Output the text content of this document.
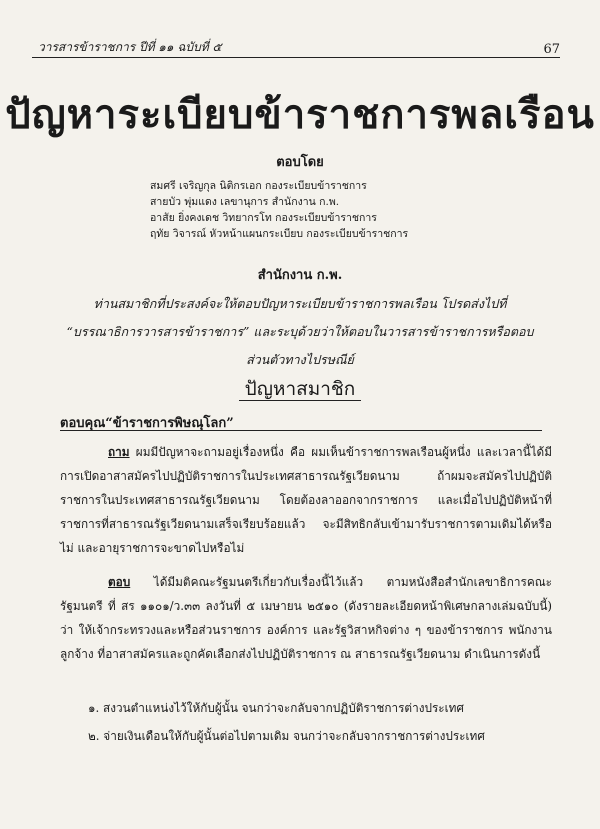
วารสารข้าราชการ ปีที่ ๑๑ ฉบับที่ ๕	67
ปัญหาระเบียบข้าราชการพลเรือน
ตอบโดย
สมศรี เจริญกุล นิติกรเอก กองระเบียบข้าราชการ
สายบัว พุ่มแดง เลขานุการ สำนักงาน ก.พ.
อาสัย ยิ่งคงเดช วิทยากรโท กองระเบียบข้าราชการ
ฤทัย วิจารณ์ หัวหน้าแผนกระเบียบ กองระเบียบข้าราชการ
สำนักงาน ก.พ.
ท่านสมาชิกที่ประสงค์จะให้ตอบปัญหาระเบียบข้าราชการพลเรือน โปรดส่งไปที่ “บรรณาธิการวารสารข้าราชการ” และระบุด้วยว่าให้ตอบในวารสารข้าราชการหรือตอบส่วนตัวทางไปรษณีย์
ปัญหาสมาชิก
ตอบคุณ“ข้าราชการพิษณุโลก”

ถาม ผมมีปัญหาจะถามอยู่เรื่องหนึ่ง คือ ผมเห็นข้าราชการพลเรือนผู้หนึ่ง และเวลานี้ได้มีการเปิดอาสาสมัครไปปฏิบัติราชการในประเทศสาธารณรัฐเวียดนาม ถ้าผมจะสมัครไปปฏิบัติราชการในประเทศสาธารณรัฐเวียดนาม โดยต้องลาออกจากราชการ และเมื่อไปปฏิบัติหน้าที่ราชการที่สาธารณรัฐเวียดนามเสร็จเรียบร้อยแล้ว จะมีสิทธิกลับเข้ามารับราชการตามเดิมได้หรือไม่ และอายุราชการจะขาดไปหรือไม่

ตอบ ได้มีมติคณะรัฐมนตรีเกี่ยวกับเรื่องนี้ไว้แล้ว ตามหนังสือสำนักเลขาธิการคณะรัฐมนตรี ที่ สร ๑๑๐๑/ว.๓๓ ลงวันที่ ๕ เมษายน ๒๕๑๐ (ดังรายละเอียดหน้าพิเศษกลางเล่มฉบับนี้) ว่า ให้เจ้ากระทรวงและหรือส่วนราชการ องค์การ และรัฐวิสาหกิจต่าง ๆ ของข้าราชการ พนักงาน ลูกจ้าง ที่อาสาสมัครและถูกคัดเลือกส่งไปปฏิบัติราชการ ณ สาธารณรัฐเวียดนาม ดำเนินการดังนี้

๑. สงวนตำแหน่งไว้ให้กับผู้นั้น จนกว่าจะกลับจากปฏิบัติราชการต่างประเทศ
๒. จ่ายเงินเดือนให้กับผู้นั้นต่อไปตามเดิม จนกว่าจะกลับจากราชการต่างประเทศ
